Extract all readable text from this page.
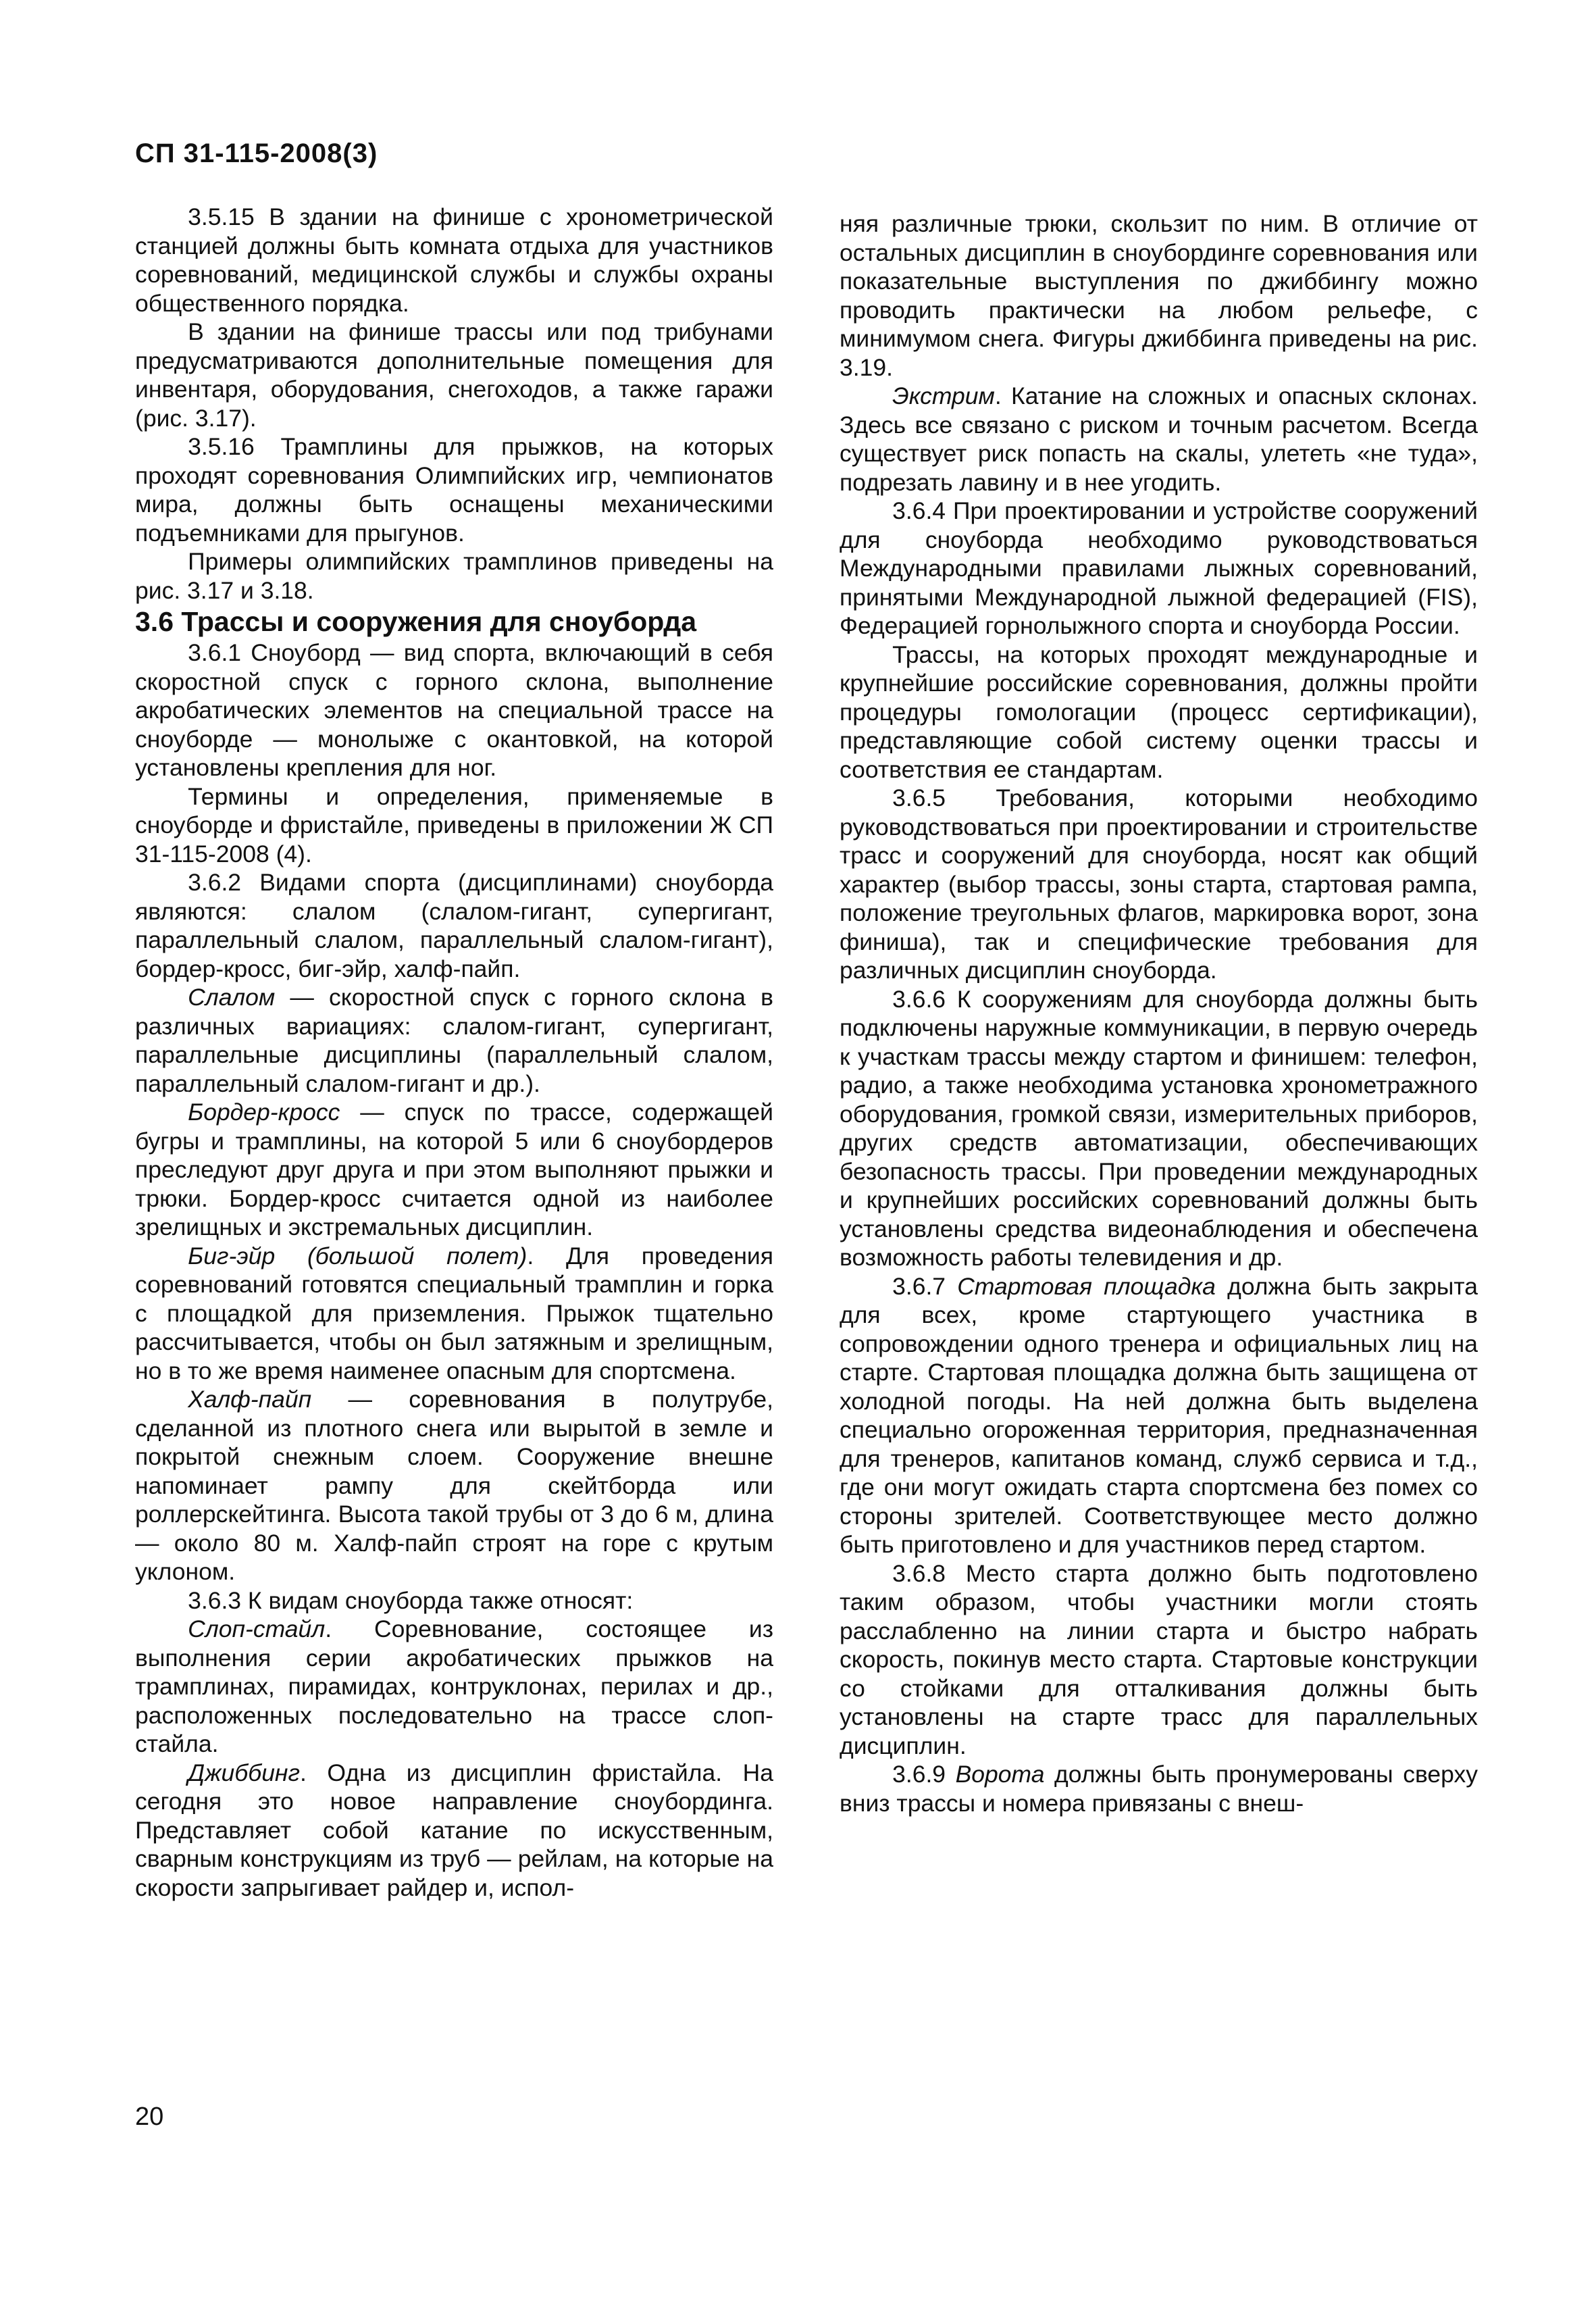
СП 31-115-2008(3)

3.5.15 В здании на финише с хронометрической станцией должны быть комната отдыха для участников соревнований, медицинской службы и службы охраны общественного порядка.

В здании на финише трассы или под трибунами предусматриваются дополнительные помещения для инвентаря, оборудования, снегоходов, а также гаражи (рис. 3.17).

3.5.16 Трамплины для прыжков, на которых проходят соревнования Олимпийских игр, чемпионатов мира, должны быть оснащены механическими подъемниками для прыгунов.

Примеры олимпийских трамплинов приведены на рис. 3.17 и 3.18.

3.6 Трассы и сооружения для сноуборда

3.6.1 Сноуборд — вид спорта, включающий в себя скоростной спуск с горного склона, выполнение акробатических элементов на специальной трассе на сноуборде — монолыже с окантовкой, на которой установлены крепления для ног.

Термины и определения, применяемые в сноуборде и фристайле, приведены в приложении Ж СП 31-115-2008 (4).

3.6.2 Видами спорта (дисциплинами) сноуборда являются: слалом (слалом-гигант, супергигант, параллельный слалом, параллельный слалом-гигант), бордер-кросс, биг-эйр, халф-пайп.

Слалом — скоростной спуск с горного склона в различных вариациях: слалом-гигант, супергигант, параллельные дисциплины (параллельный слалом, параллельный слалом-гигант и др.).

Бордер-кросс — спуск по трассе, содержащей бугры и трамплины, на которой 5 или 6 сноубордеров преследуют друг друга и при этом выполняют прыжки и трюки. Бордер-кросс считается одной из наиболее зрелищных и экстремальных дисциплин.

Биг-эйр (большой полет). Для проведения соревнований готовятся специальный трамплин и горка с площадкой для приземления. Прыжок тщательно рассчитывается, чтобы он был затяжным и зрелищным, но в то же время наименее опасным для спортсмена.

Халф-пайп — соревнования в полутрубе, сделанной из плотного снега или вырытой в земле и покрытой снежным слоем. Сооружение внешне напоминает рампу для скейтборда или роллерскейтинга. Высота такой трубы от 3 до 6 м, длина — около 80 м. Халф-пайп строят на горе с крутым уклоном.

3.6.3 К видам сноуборда также относят:

Слоп-стайл. Соревнование, состоящее из выполнения серии акробатических прыжков на трамплинах, пирамидах, контруклонах, перилах и др., расположенных последовательно на трассе слоп-стайла.

Джиббинг. Одна из дисциплин фристайла. На сегодня это новое направление сноубординга. Представляет собой катание по искусственным, сварным конструкциям из труб — рейлам, на которые на скорости запрыгивает райдер и, испол-

няя различные трюки, скользит по ним. В отличие от остальных дисциплин в сноубординге соревнования или показательные выступления по джиббингу можно проводить практически на любом рельефе, с минимумом снега. Фигуры джиббинга приведены на рис. 3.19.

Экстрим. Катание на сложных и опасных склонах. Здесь все связано с риском и точным расчетом. Всегда существует риск попасть на скалы, улететь «не туда», подрезать лавину и в нее угодить.

3.6.4 При проектировании и устройстве сооружений для сноуборда необходимо руководствоваться Международными правилами лыжных соревнований, принятыми Международной лыжной федерацией (FIS), Федерацией горнолыжного спорта и сноуборда России.

Трассы, на которых проходят международные и крупнейшие российские соревнования, должны пройти процедуры гомологации (процесс сертификации), представляющие собой систему оценки трассы и соответствия ее стандартам.

3.6.5 Требования, которыми необходимо руководствоваться при проектировании и строительстве трасс и сооружений для сноуборда, носят как общий характер (выбор трассы, зоны старта, стартовая рампа, положение треугольных флагов, маркировка ворот, зона финиша), так и специфические требования для различных дисциплин сноуборда.

3.6.6 К сооружениям для сноуборда должны быть подключены наружные коммуникации, в первую очередь к участкам трассы между стартом и финишем: телефон, радио, а также необходима установка хронометражного оборудования, громкой связи, измерительных приборов, других средств автоматизации, обеспечивающих безопасность трассы. При проведении международных и крупнейших российских соревнований должны быть установлены средства видеонаблюдения и обеспечена возможность работы телевидения и др.

3.6.7 Стартовая площадка должна быть закрыта для всех, кроме стартующего участника в сопровождении одного тренера и официальных лиц на старте. Стартовая площадка должна быть защищена от холодной погоды. На ней должна быть выделена специально огороженная территория, предназначенная для тренеров, капитанов команд, служб сервиса и т.д., где они могут ожидать старта спортсмена без помех со стороны зрителей. Соответствующее место должно быть приготовлено и для участников перед стартом.

3.6.8 Место старта должно быть подготовлено таким образом, чтобы участники могли стоять расслабленно на линии старта и быстро набрать скорость, покинув место старта. Стартовые конструкции со стойками для отталкивания должны быть установлены на старте трасс для параллельных дисциплин.

3.6.9 Ворота должны быть пронумерованы сверху вниз трассы и номера привязаны с внеш-

20
